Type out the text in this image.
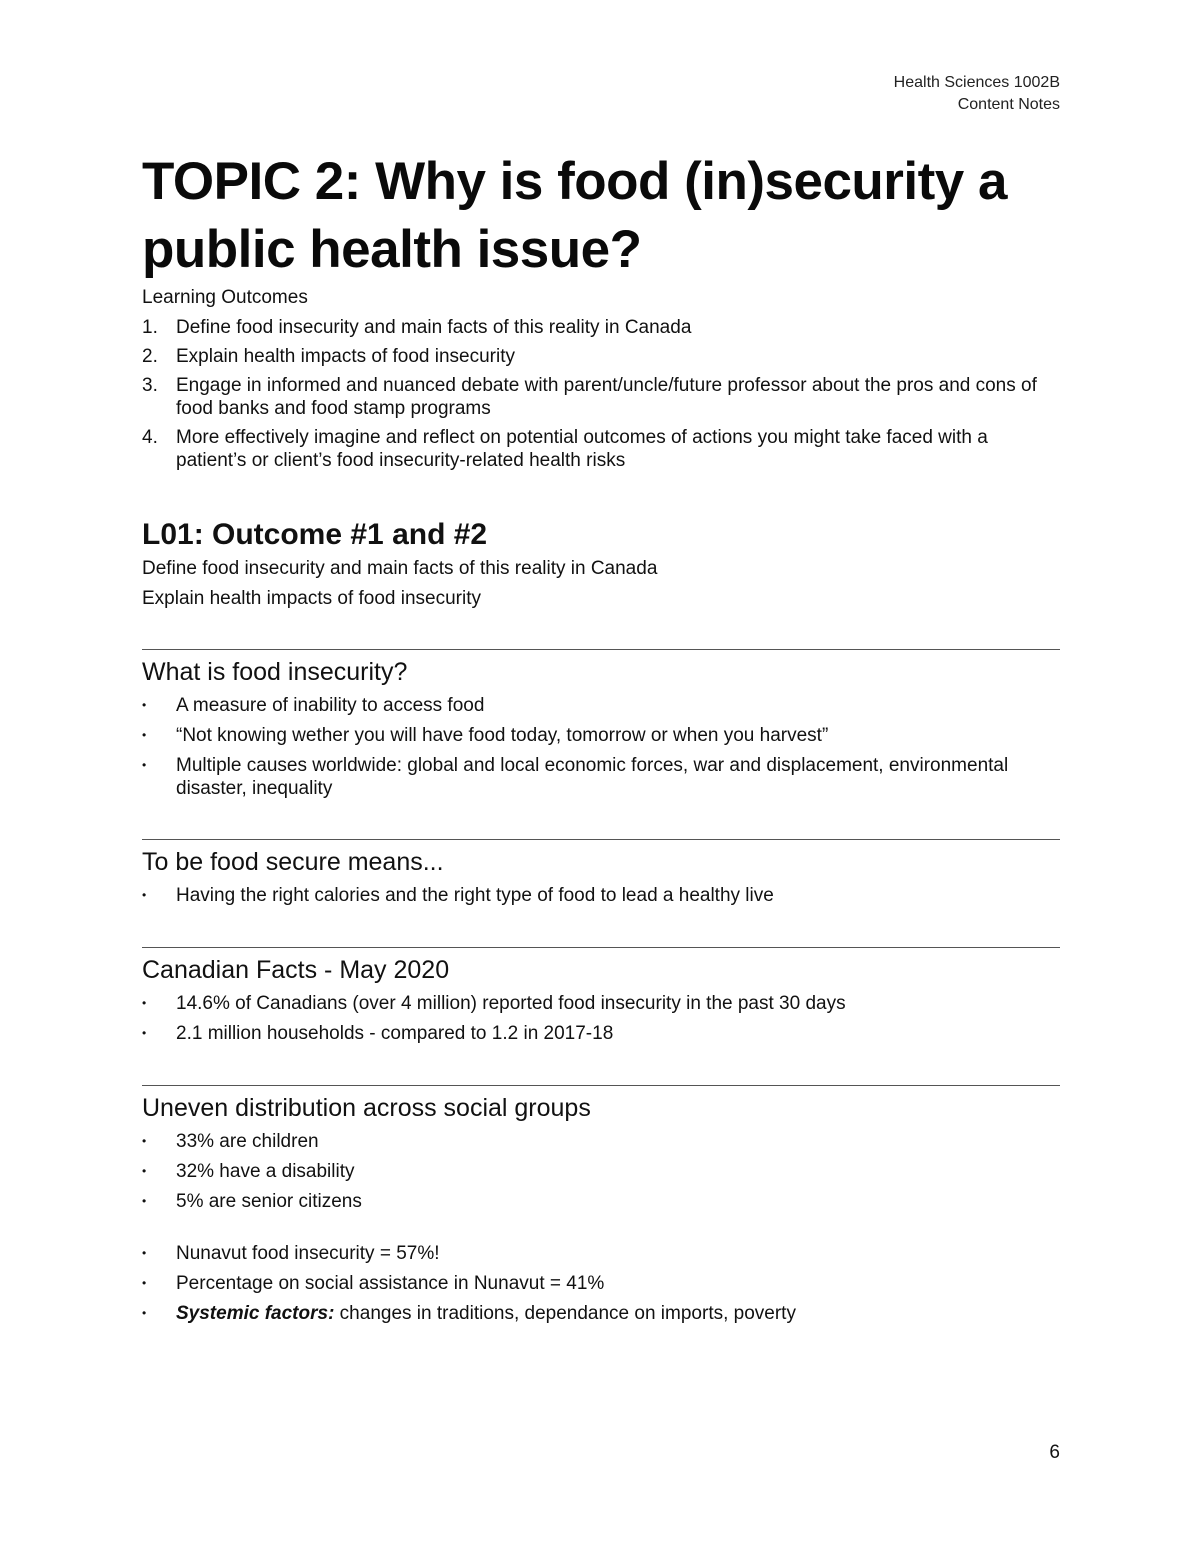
Health Sciences 1002B
Content Notes
TOPIC 2: Why is food (in)security a public health issue?
Learning Outcomes
1. Define food insecurity and main facts of this reality in Canada
2. Explain health impacts of food insecurity
3. Engage in informed and nuanced debate with parent/uncle/future professor about the pros and cons of food banks and food stamp programs
4. More effectively imagine and reflect on potential outcomes of actions you might take faced with a patient’s or client’s food insecurity-related health risks
L01: Outcome #1 and #2
Define food insecurity and main facts of this reality in Canada
Explain health impacts of food insecurity
What is food insecurity?
• A measure of inability to access food
• “Not knowing wether you will have food today, tomorrow or when you harvest”
• Multiple causes worldwide: global and local economic forces, war and displacement, environmental disaster, inequality
To be food secure means...
• Having the right calories and the right type of food to lead a healthy live
Canadian Facts - May 2020
• 14.6% of Canadians (over 4 million) reported food insecurity in the past 30 days
• 2.1 million households - compared to 1.2 in 2017-18
Uneven distribution across social groups
• 33% are children
• 32% have a disability
• 5% are senior citizens
• Nunavut food insecurity = 57%!
• Percentage on social assistance in Nunavut = 41%
• Systemic factors: changes in traditions, dependance on imports, poverty
6
